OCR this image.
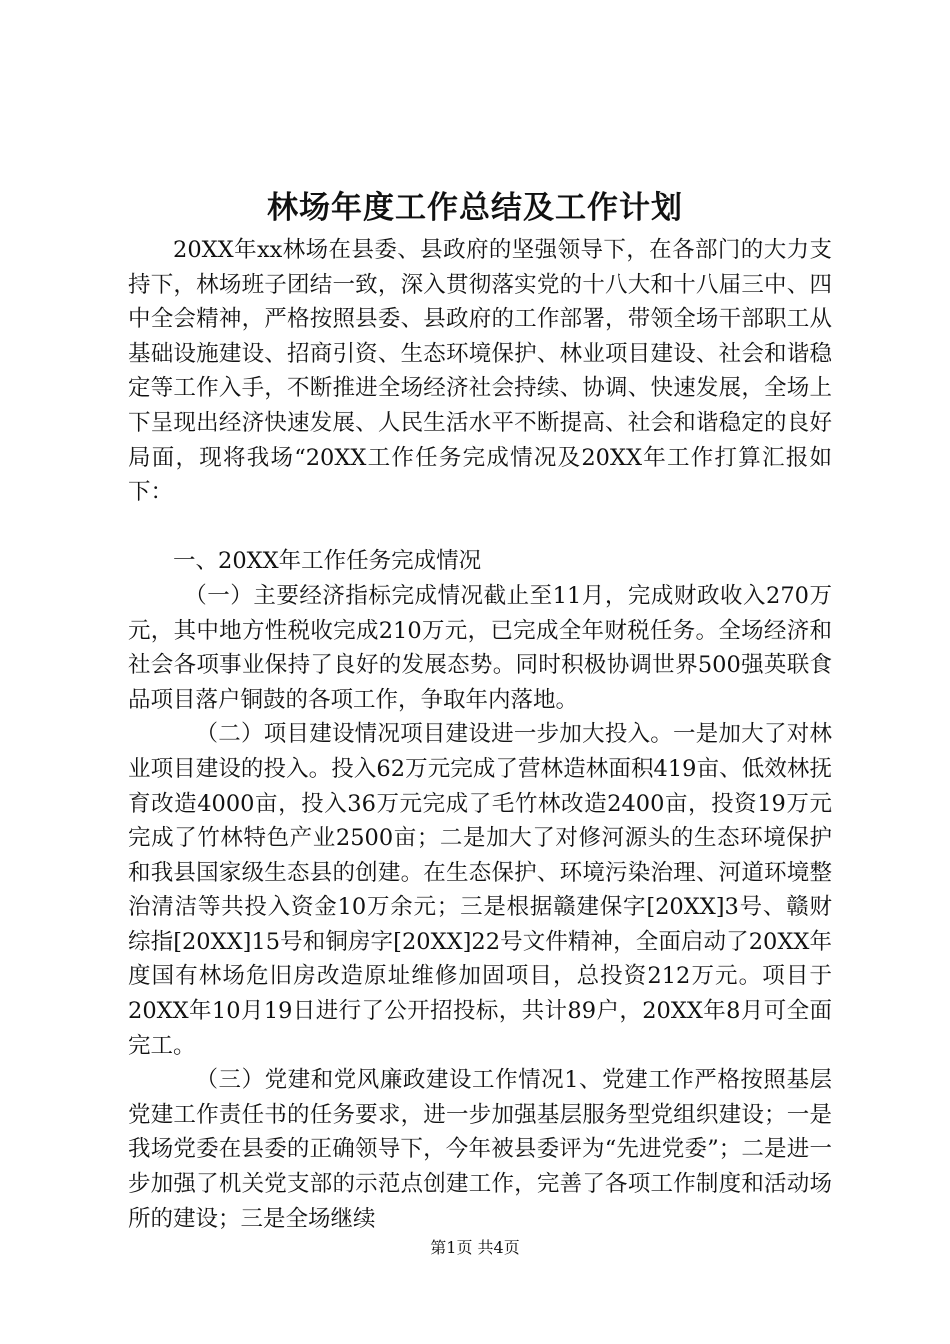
林场年度工作总结及工作计划

20XX年xx林场在县委、县政府的坚强领导下，在各部门的大力支持下，林场班子团结一致，深入贯彻落实党的十八大和十八届三中、四中全会精神，严格按照县委、县政府的工作部署，带领全场干部职工从基础设施建设、招商引资、生态环境保护、林业项目建设、社会和谐稳定等工作入手，不断推进全场经济社会持续、协调、快速发展，全场上下呈现出经济快速发展、人民生活水平不断提高、社会和谐稳定的良好局面，现将我场“20XX工作任务完成情况及20XX年工作打算汇报如下：

一、20XX年工作任务完成情况

（一）主要经济指标完成情况截止至11月，完成财政收入270万元，其中地方性税收完成210万元，已完成全年财税任务。全场经济和社会各项事业保持了良好的发展态势。同时积极协调世界500强英联食品项目落户铜鼓的各项工作，争取年内落地。

（二）项目建设情况项目建设进一步加大投入。一是加大了对林业项目建设的投入。投入62万元完成了营林造林面积419亩、低效林抚育改造4000亩，投入36万元完成了毛竹林改造2400亩，投资19万元完成了竹林特色产业2500亩；二是加大了对修河源头的生态环境保护和我县国家级生态县的创建。在生态保护、环境污染治理、河道环境整治清洁等共投入资金10万余元；三是根据赣建保字[20XX]3号、赣财综指[20XX]15号和铜房字[20XX]22号文件精神，全面启动了20XX年度国有林场危旧房改造原址维修加固项目，总投资212万元。项目于20XX年10月19日进行了公开招投标，共计89户，20XX年8月可全面完工。

（三）党建和党风廉政建设工作情况1、党建工作严格按照基层党建工作责任书的任务要求，进一步加强基层服务型党组织建设；一是我场党委在县委的正确领导下，今年被县委评为“先进党委”；二是进一步加强了机关党支部的示范点创建工作，完善了各项工作制度和活动场所的建设；三是全场继续

第1页 共4页
